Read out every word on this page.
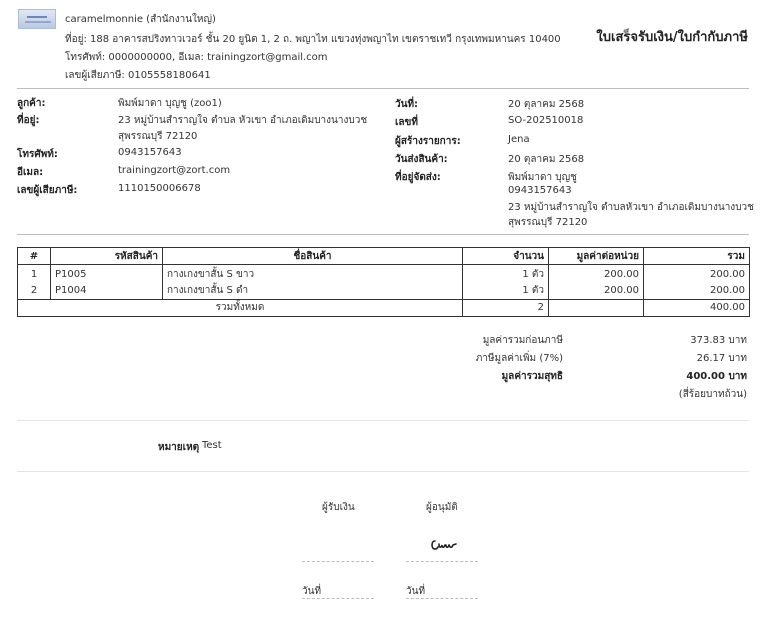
caramelmonnie (สำนักงานใหญ่)
ที่อยู่: 188 อาคารสปริงทาวเวอร์ ชั้น 20 ยูนิต 1, 2 ถ. พญาไท แขวงทุ่งพญาไท เขตราชเทวี กรุงเทพมหานคร 10400
โทรศัพท์: 0000000000, อีเมล: trainingzort@gmail.com
เลขผู้เสียภาษี: 0105558180641
ใบเสร็จรับเงิน/ใบกำกับภาษี
ลูกค้า:	พิมพ์มาดา บุญชู (zoo1)
ที่อยู่:	23 หมู่บ้านสำราญใจ ตำบล หัวเขา อำเภอเดิมบางนางบวช
สุพรรณบุรี 72120
โทรศัพท์:	0943157643
อีเมล:	trainingzort@zort.com
เลขผู้เสียภาษี:	1110150006678
วันที่:	20 ตุลาคม 2568
เลขที่	SO-202510018
ผู้สร้างรายการ:	Jena
วันส่งสินค้า:	20 ตุลาคม 2568
ที่อยู่จัดส่ง:	พิมพ์มาดา บุญชู
0943157643
23 หมู่บ้านสำราญใจ ตำบลหัวเขา อำเภอเดิมบางนางบวช
สุพรรณบุรี 72120
#	รหัสสินค้า	ชื่อสินค้า	จำนวน	มูลค่าต่อหน่วย	รวม
1	P1005	กางเกงขาสั้น S ขาว	1 ตัว	200.00	200.00
2	P1004	กางเกงขาสั้น S ดำ	1 ตัว	200.00	200.00
รวมทั้งหมด			2		400.00
มูลค่ารวมก่อนภาษี	373.83 บาท
ภาษีมูลค่าเพิ่ม (7%)	26.17 บาท
มูลค่ารวมสุทธิ	400.00 บาท
(สี่ร้อยบาทถ้วน)
หมายเหตุ Test
ผู้รับเงิน	ผู้อนุมัติ
วันที่	วันที่
